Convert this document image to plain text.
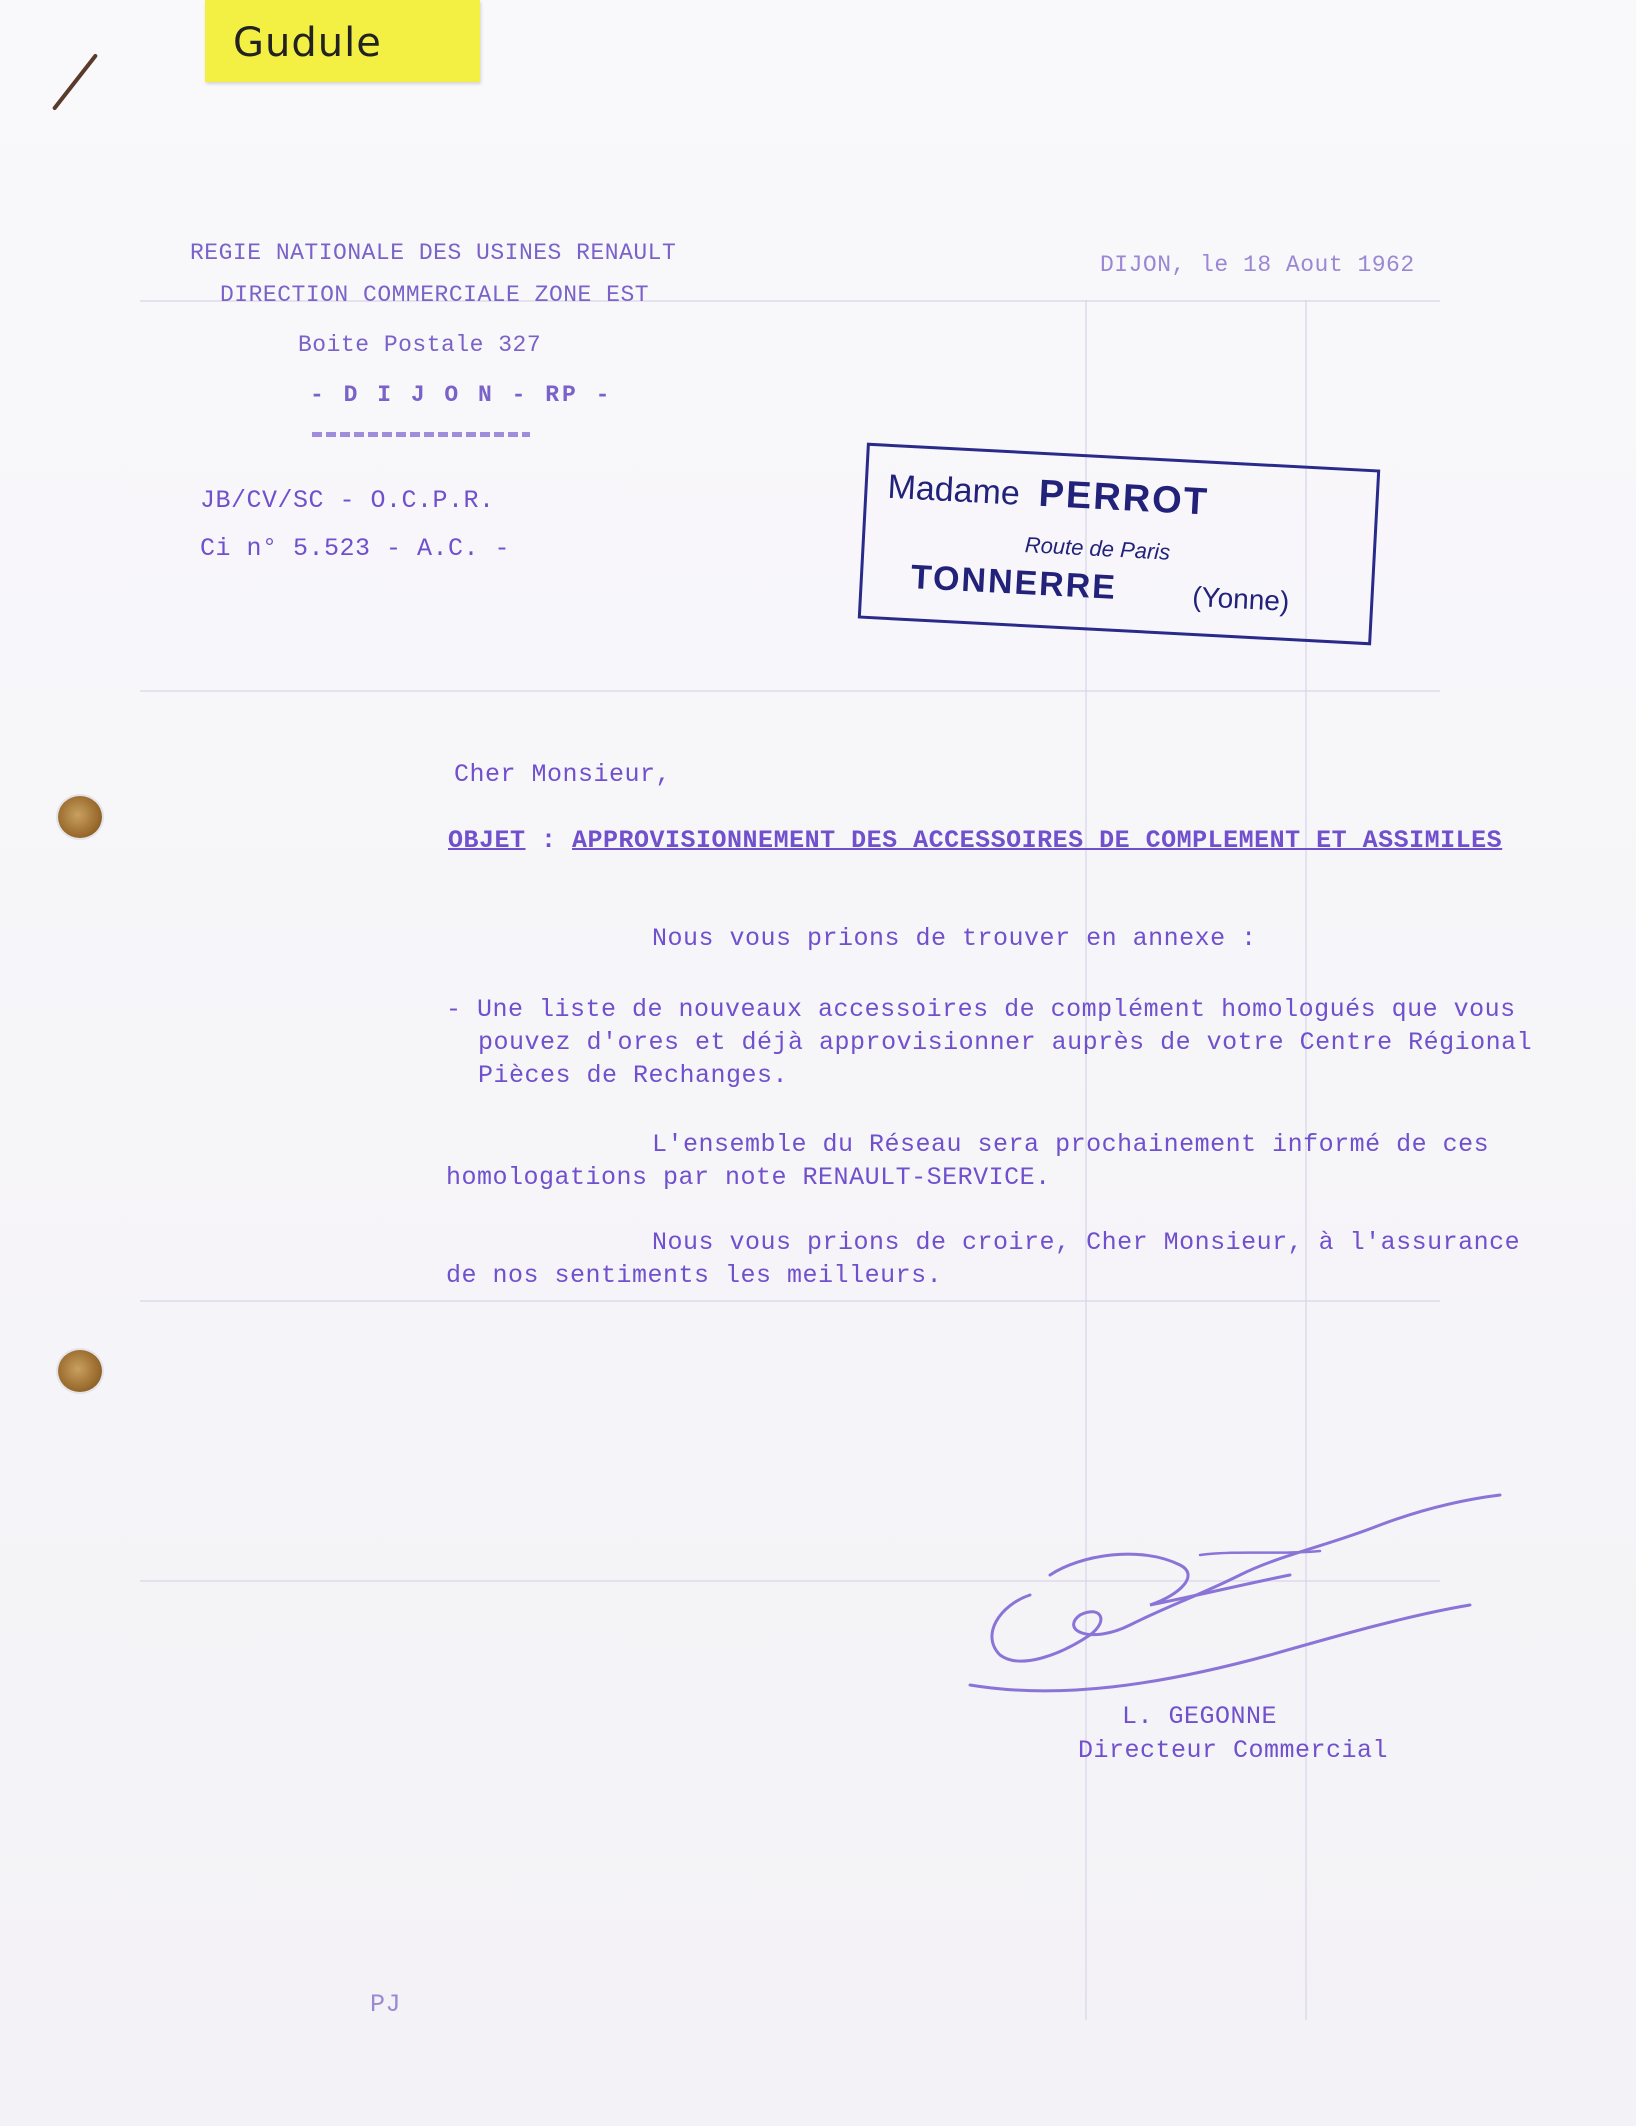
Gudule
REGIE NATIONALE DES USINES RENAULT
DIRECTION COMMERCIALE ZONE EST
Boite Postale 327
- D I J O N - RP -
JB/CV/SC - O.C.P.R.
Ci n° 5.523 - A.C. -
DIJON, le 18 Aout 1962
Madame PERROT
Route de Paris
TONNERRE	(Yonne)
Cher Monsieur,
OBJET : APPROVISIONNEMENT DES ACCESSOIRES DE COMPLEMENT ET ASSIMILES
Nous vous prions de trouver en annexe :
- Une liste de nouveaux accessoires de complément homologués que vous
pouvez d'ores et déjà approvisionner auprès de votre Centre Régional
Pièces de Rechanges.
L'ensemble du Réseau sera prochainement informé de ces
homologations par note RENAULT-SERVICE.
Nous vous prions de croire, Cher Monsieur, à l'assurance
de nos sentiments les meilleurs.
L. GEGONNE
Directeur Commercial
PJ
